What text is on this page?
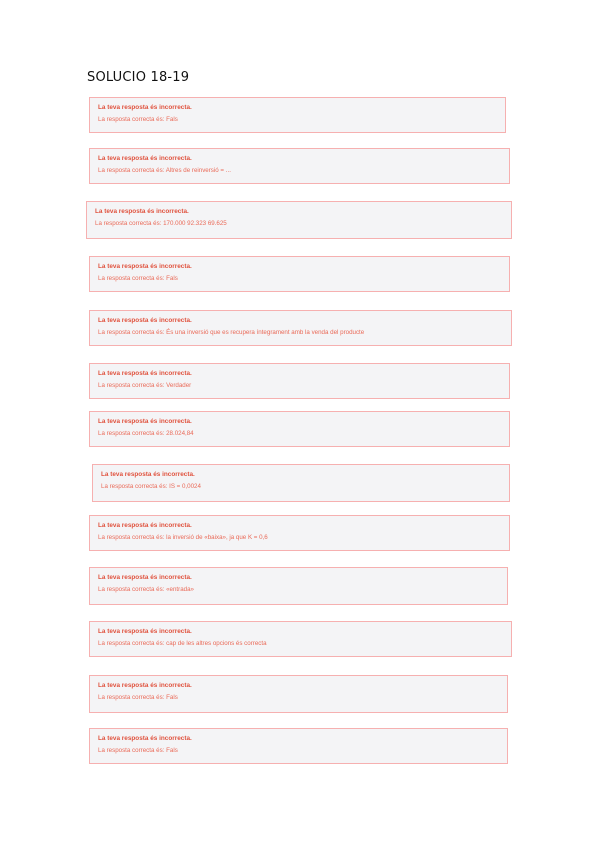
SOLUCIO 18-19
La teva resposta és incorrecta.
La resposta correcta és: Fals
La teva resposta és incorrecta.
La resposta correcta és: Altres de reinversió = ...
La teva resposta és incorrecta.
La resposta correcta és: 170.000 92.323 69.625
La teva resposta és incorrecta.
La resposta correcta és: Fals
La teva resposta és incorrecta.
La resposta correcta és: És una inversió que es recupera íntegrament amb la venda del producte
La teva resposta és incorrecta.
La resposta correcta és: Verdader
La teva resposta és incorrecta.
La resposta correcta és: 28.024,84
La teva resposta és incorrecta.
La resposta correcta és: IS = 0,0024
La teva resposta és incorrecta.
La resposta correcta és: la inversió de «baixa», ja que K = 0,6
La teva resposta és incorrecta.
La resposta correcta és: «entrada»
La teva resposta és incorrecta.
La resposta correcta és: cap de les altres opcions és correcta
La teva resposta és incorrecta.
La resposta correcta és: Fals
La teva resposta és incorrecta.
La resposta correcta és: Fals
